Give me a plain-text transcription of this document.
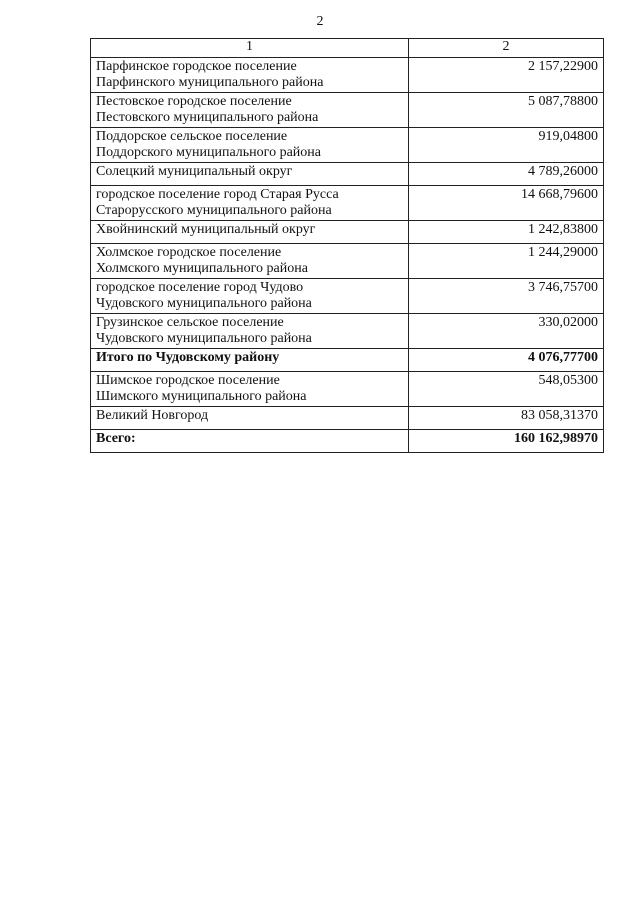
2
1	2

Парфинское городское поселение
Парфинского муниципального района	2 157,22900

Пестовское городское поселение
Пестовского муниципального района	5 087,78800

Поддорское сельское поселение
Поддорского муниципального района	919,04800

Солецкий муниципальный округ	4 789,26000

городское поселение город Старая Русса
Старорусского муниципального района	14 668,79600

Хвойнинский муниципальный округ	1 242,83800

Холмское городское поселение
Холмского муниципального района	1 244,29000

городское поселение город Чудово
Чудовского муниципального района	3 746,75700

Грузинское сельское поселение
Чудовского муниципального района	330,02000

Итого по Чудовскому району	4 076,77700

Шимское городское поселение
Шимского муниципального района	548,05300

Великий Новгород	83 058,31370

Всего:	160 162,98970
